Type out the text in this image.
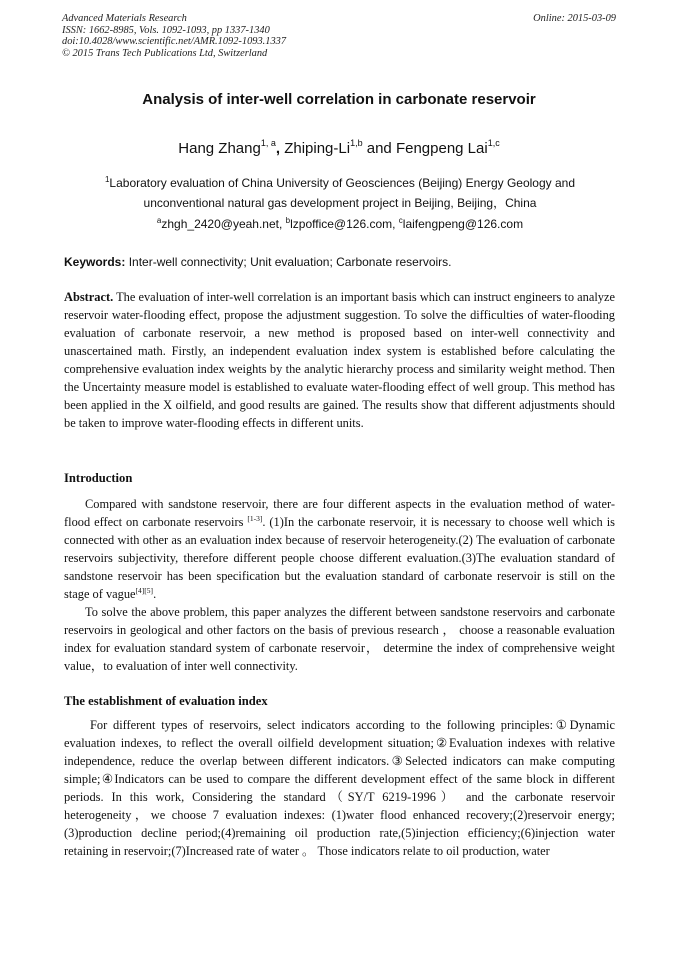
Advanced Materials Research
ISSN: 1662-8985, Vols. 1092-1093, pp 1337-1340
doi:10.4028/www.scientific.net/AMR.1092-1093.1337
© 2015 Trans Tech Publications Ltd, Switzerland
Online: 2015-03-09
Analysis of inter-well correlation in carbonate reservoir
Hang Zhang$^{1, a}$, Zhiping-Li$^{1,b}$ and Fengpeng Lai$^{1,c}$
$^1$Laboratory evaluation of China University of Geosciences (Beijing) Energy Geology and unconventional natural gas development project in Beijing, Beijing，China
$^a$zhgh_2420@yeah.net, $^b$lzpoffice@126.com, $^c$laifengpeng@126.com
Keywords: Inter-well connectivity; Unit evaluation; Carbonate reservoirs.
Abstract. The evaluation of inter-well correlation is an important basis which can instruct engineers to analyze reservoir water-flooding effect, propose the adjustment suggestion. To solve the difficulties of water-flooding evaluation of carbonate reservoir, a new method is proposed based on inter-well connectivity and unascertained math. Firstly, an independent evaluation index system is established before calculating the comprehensive evaluation index weights by the analytic hierarchy process and similarity weight method. Then the Uncertainty measure model is established to evaluate water-flooding effect of well group. This method has been applied in the X oilfield, and good results are gained. The results show that different adjustments should be taken to improve water-flooding effects in different units.
Introduction
Compared with sandstone reservoir, there are four different aspects in the evaluation method of water-flood effect on carbonate reservoirs [1-3]. (1)In the carbonate reservoir, it is necessary to choose well which is connected with other as an evaluation index because of reservoir heterogeneity.(2) The evaluation of carbonate reservoirs subjectivity, therefore different people choose different evaluation.(3)The evaluation standard of sandstone reservoir has been specification but the evaluation standard of carbonate reservoir is still on the stage of vague[4][5].
To solve the above problem, this paper analyzes the different between sandstone reservoirs and carbonate reservoirs in geological and other factors on the basis of previous research ， choose a reasonable evaluation index for evaluation standard system of carbonate reservoir， determine the index of comprehensive weight value，to evaluation of inter well connectivity.
The establishment of evaluation index
For different types of reservoirs, select indicators according to the following principles:①Dynamic evaluation indexes, to reflect the overall oilfield development situation;②Evaluation indexes with relative independence, reduce the overlap between different indicators.③Selected indicators can make computing simple;④Indicators can be used to compare the different development effect of the same block in different periods. In this work, Considering the standard（SY/T 6219-1996） and the carbonate reservoir heterogeneity，we choose 7 evaluation indexes: (1)water flood enhanced recovery;(2)reservoir energy;(3)production decline period;(4)remaining oil production rate,(5)injection efficiency;(6)injection water retaining in reservoir;(7)Increased rate of water 。 Those indicators relate to oil production, water
